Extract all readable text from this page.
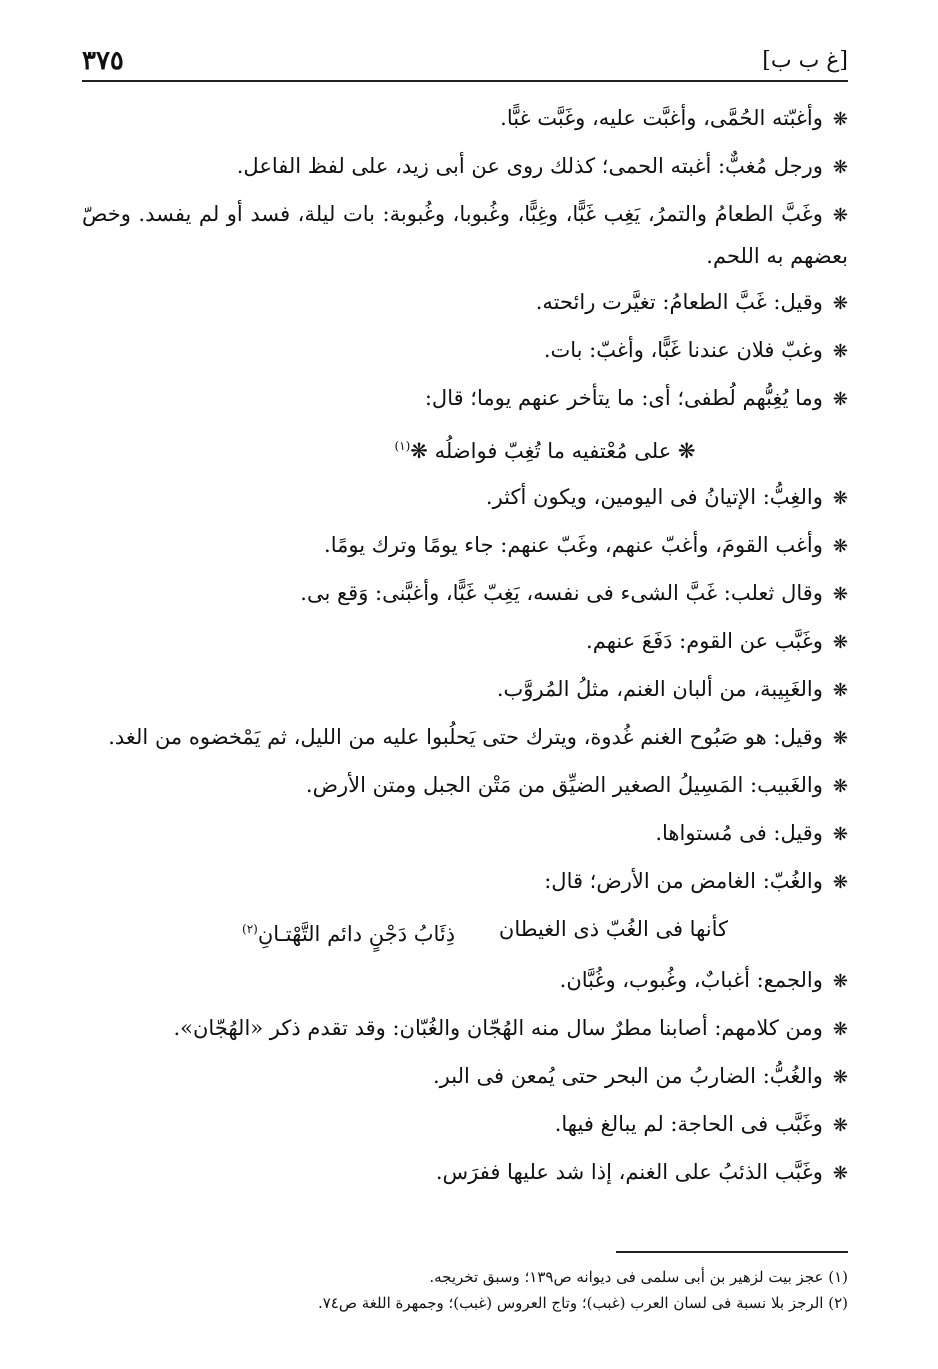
[غ ب ب]
٣٧٥

❋وأغبّته الحُمَّى، وأغبَّت عليه، وغَبَّت غبًّا.

❋ورجل مُغبٌّ: أغبته الحمى؛ كذلك روى عن أبى زيد، على لفظ الفاعل.

❋وغَبَّ الطعامُ والتمرُ، يَغِب غَبًّا، وغِبًّا، وغُبوبا، وغُبوبة: بات ليلة، فسد أو لم يفسد. وخصّ بعضهم به اللحم.

❋وقيل: غَبَّ الطعامُ: تغيَّرت رائحته.

❋وغبّ فلان عندنا غَبًّا، وأغبّ: بات.

❋وما يُغِبُّهم لُطفى؛ أى: ما يتأخر عنهم يوما؛ قال:

❋ على مُعْتفيه ما تُغِبّ فواضلُه ❋$^{(١)}$

❋والغِبُّ: الإتيانُ فى اليومين، ويكون أكثر.

❋وأغب القومَ، وأغبّ عنهم، وغَبّ عنهم: جاء يومًا وترك يومًا.

❋وقال ثعلب: غَبَّ الشىء فى نفسه، يَغِبّ غَبًّا، وأغبَّنى: وَقع بى.

❋وغَبَّب عن القوم: دَفَعَ عنهم.

❋والغَبِيبة، من ألبان الغنم، مثلُ المُروَّب.

❋وقيل: هو صَبُوح الغنم غُدوة، ويترك حتى يَحلُبوا عليه من الليل، ثم يَمْخضوه من الغد.

❋والغَبيب: المَسِيلُ الصغير الضيِّق من مَتْن الجبل ومتن الأرض.

❋وقيل: فى مُستواها.

❋والغُبّ: الغامض من الأرض؛ قال:

كأنها فى الغُبّ ذى الغيطان
ذِئَابُ دَجْنٍ دائم التَّهْتـانِ$^{(٢)}$

❋والجمع: أغبابٌ، وغُبوب، وغُبَّان.

❋ومن كلامهم: أصابنا مطرٌ سال منه الهُجّان والغُبّان: وقد تقدم ذكر «الهُجّان».

❋والغُبُّ: الضاربُ من البحر حتى يُمعن فى البر.

❋وغَبَّب فى الحاجة: لم يبالغ فيها.

❋وغَبَّب الذئبُ على الغنم، إذا شد عليها ففرَس.

(١) عجز بيت لزهير بن أبى سلمى فى ديوانه ص١٣٩؛ وسبق تخريجه.

(٢) الرجز بلا نسبة فى لسان العرب (غبب)؛ وتاج العروس (غبب)؛ وجمهرة اللغة ص٧٤.
